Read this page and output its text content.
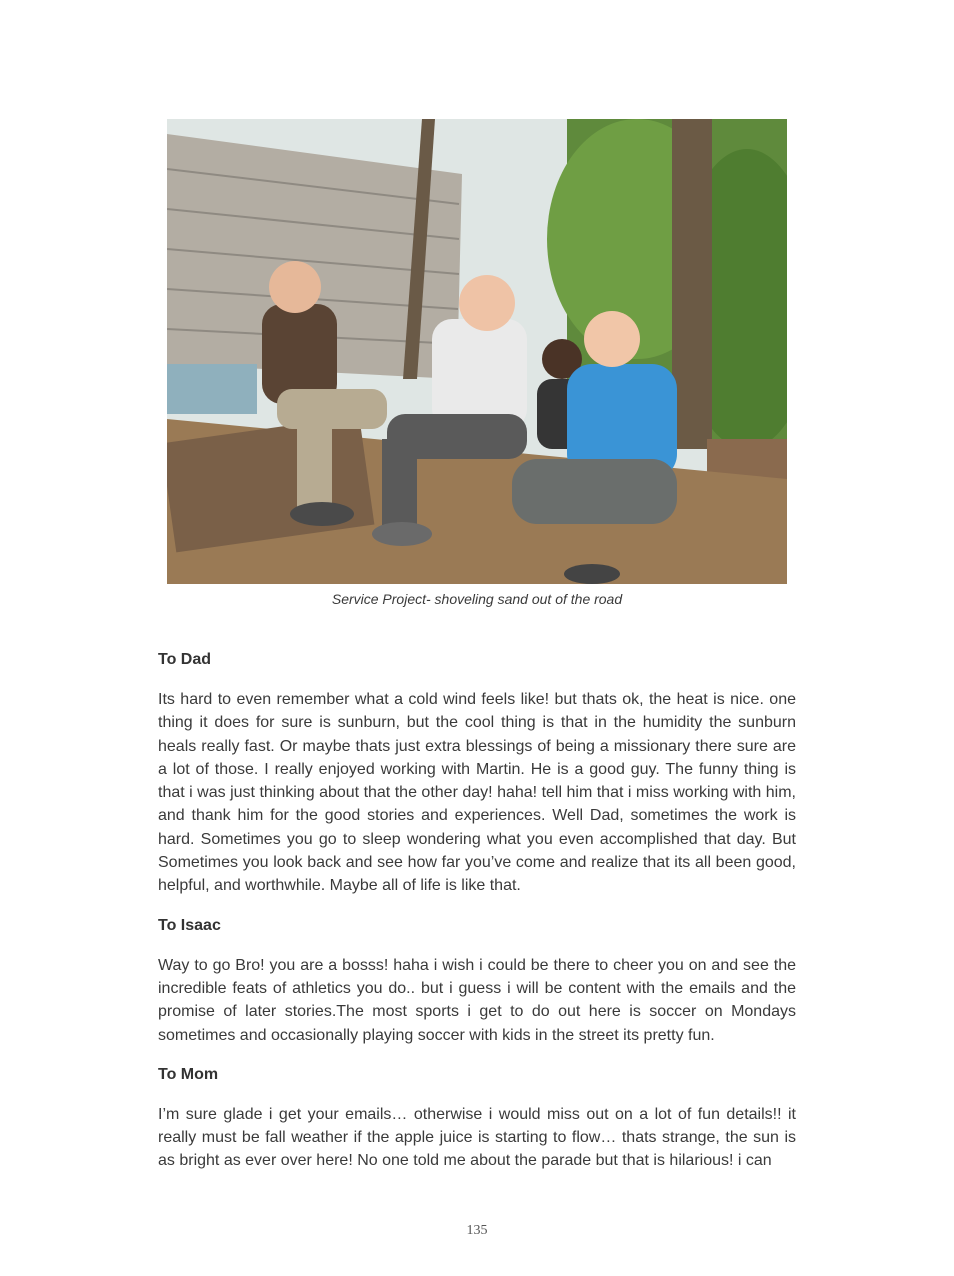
Service Project- shoveling sand out of the road
To Dad

Its hard to even remember what a cold wind feels like! but thats ok, the heat is nice. one thing it does for sure is sunburn, but the cool thing is that in the humidity the sunburn heals really fast. Or maybe thats just extra blessings of being a missionary there sure are a lot of those. I really enjoyed working with Martin. He is a good guy. The funny thing is that i was just thinking about that the other day! haha! tell him that i miss working with him, and thank him for the good stories and experiences. Well Dad, sometimes the work is hard. Sometimes you go to sleep wondering what you even accomplished that day. But Sometimes you look back and see how far you’ve come and realize that its all been good, helpful, and worthwhile. Maybe all of life is like that.

To Isaac

Way to go Bro! you are a bosss! haha i wish i could be there to cheer you on and see the incredible feats of athletics you do.. but i guess i will be content with the emails and the promise of later stories.The most sports i get to do out here is soccer on Mondays sometimes and occasionally playing soccer with kids in the street its pretty fun.

To Mom

I’m sure glade i get your emails… otherwise i would miss out on a lot of fun details!! it really must be fall weather if the apple juice is starting to flow… thats strange, the sun is as bright as ever over here! No one told me about the parade but that is hilarious! i can

135
